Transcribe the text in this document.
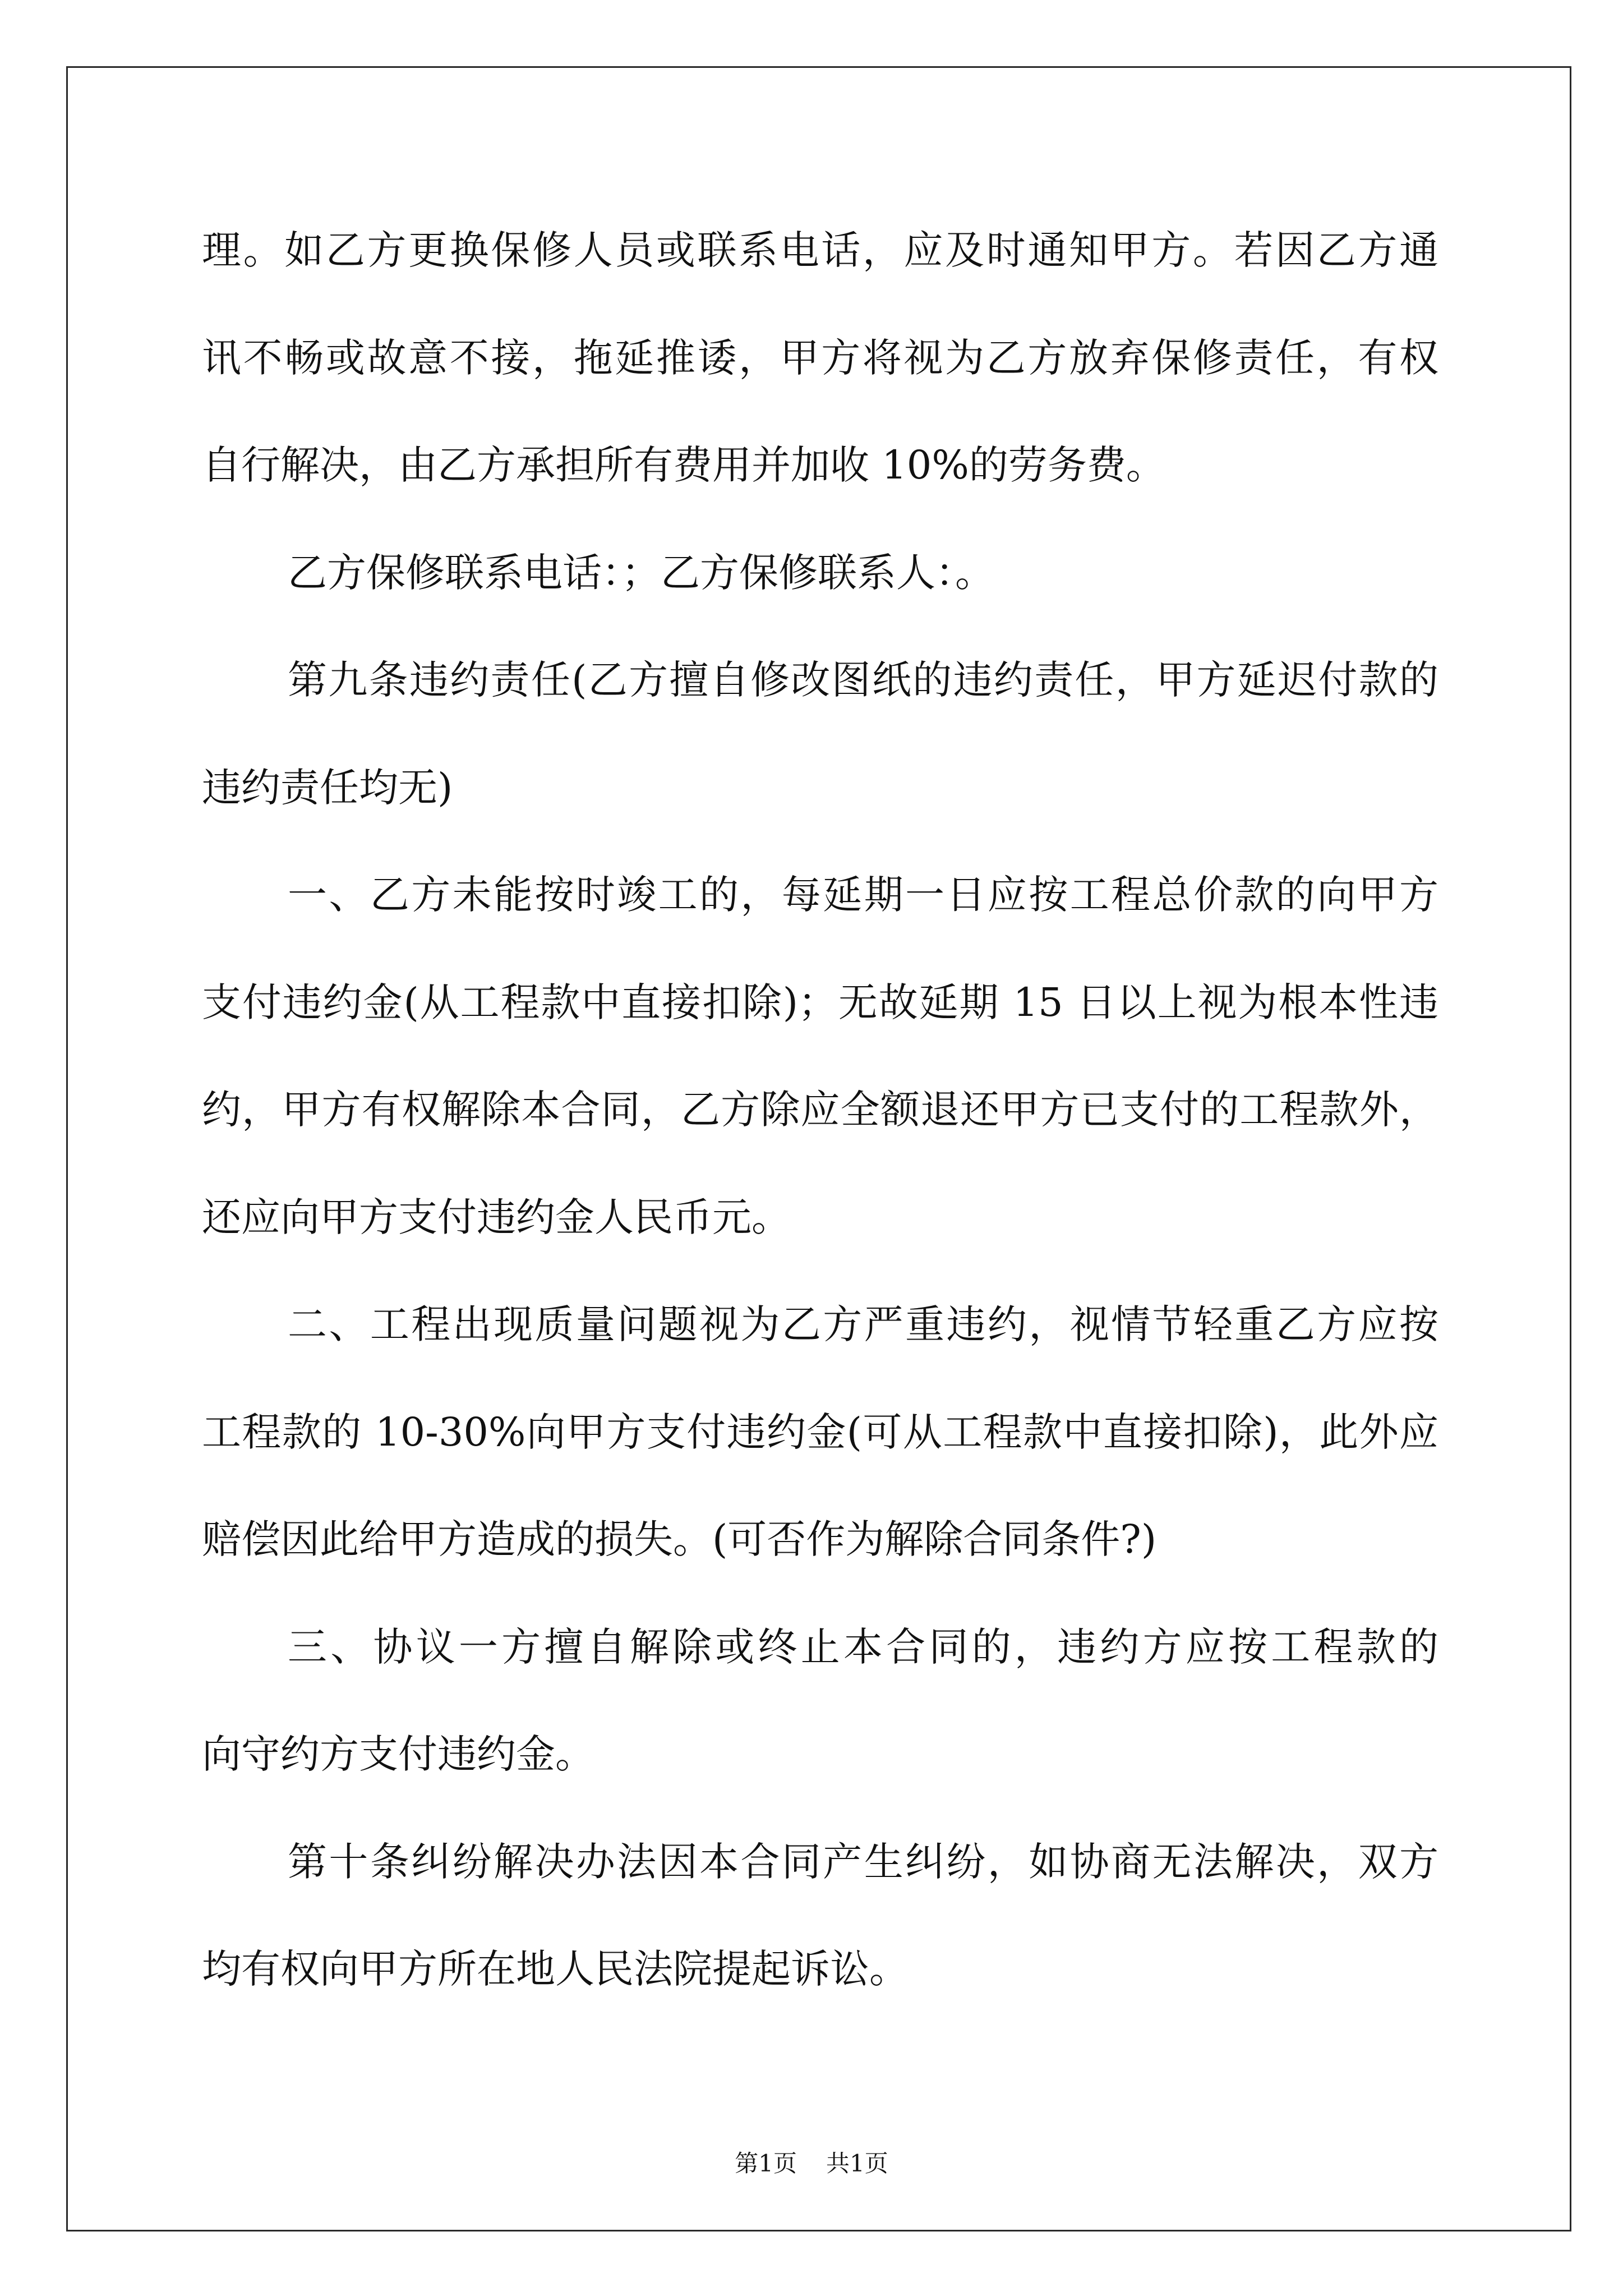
理。如乙方更换保修人员或联系电话，应及时通知甲方。若因乙方通
讯不畅或故意不接，拖延推诿，甲方将视为乙方放弃保修责任，有权
自行解决，由乙方承担所有费用并加收 10%的劳务费。
乙方保修联系电话：；乙方保修联系人：。
第九条违约责任(乙方擅自修改图纸的违约责任，甲方延迟付款的
违约责任均无)
一、乙方未能按时竣工的，每延期一日应按工程总价款的向甲方
支付违约金(从工程款中直接扣除)；无故延期 15 日以上视为根本性违
约，甲方有权解除本合同，乙方除应全额退还甲方已支付的工程款外，
还应向甲方支付违约金人民币元。
二、工程出现质量问题视为乙方严重违约，视情节轻重乙方应按
工程款的 10-30%向甲方支付违约金(可从工程款中直接扣除)，此外应
赔偿因此给甲方造成的损失。(可否作为解除合同条件?)
三、协议一方擅自解除或终止本合同的，违约方应按工程款的
向守约方支付违约金。
第十条纠纷解决办法因本合同产生纠纷，如协商无法解决，双方
均有权向甲方所在地人民法院提起诉讼。
第1页 共1页
